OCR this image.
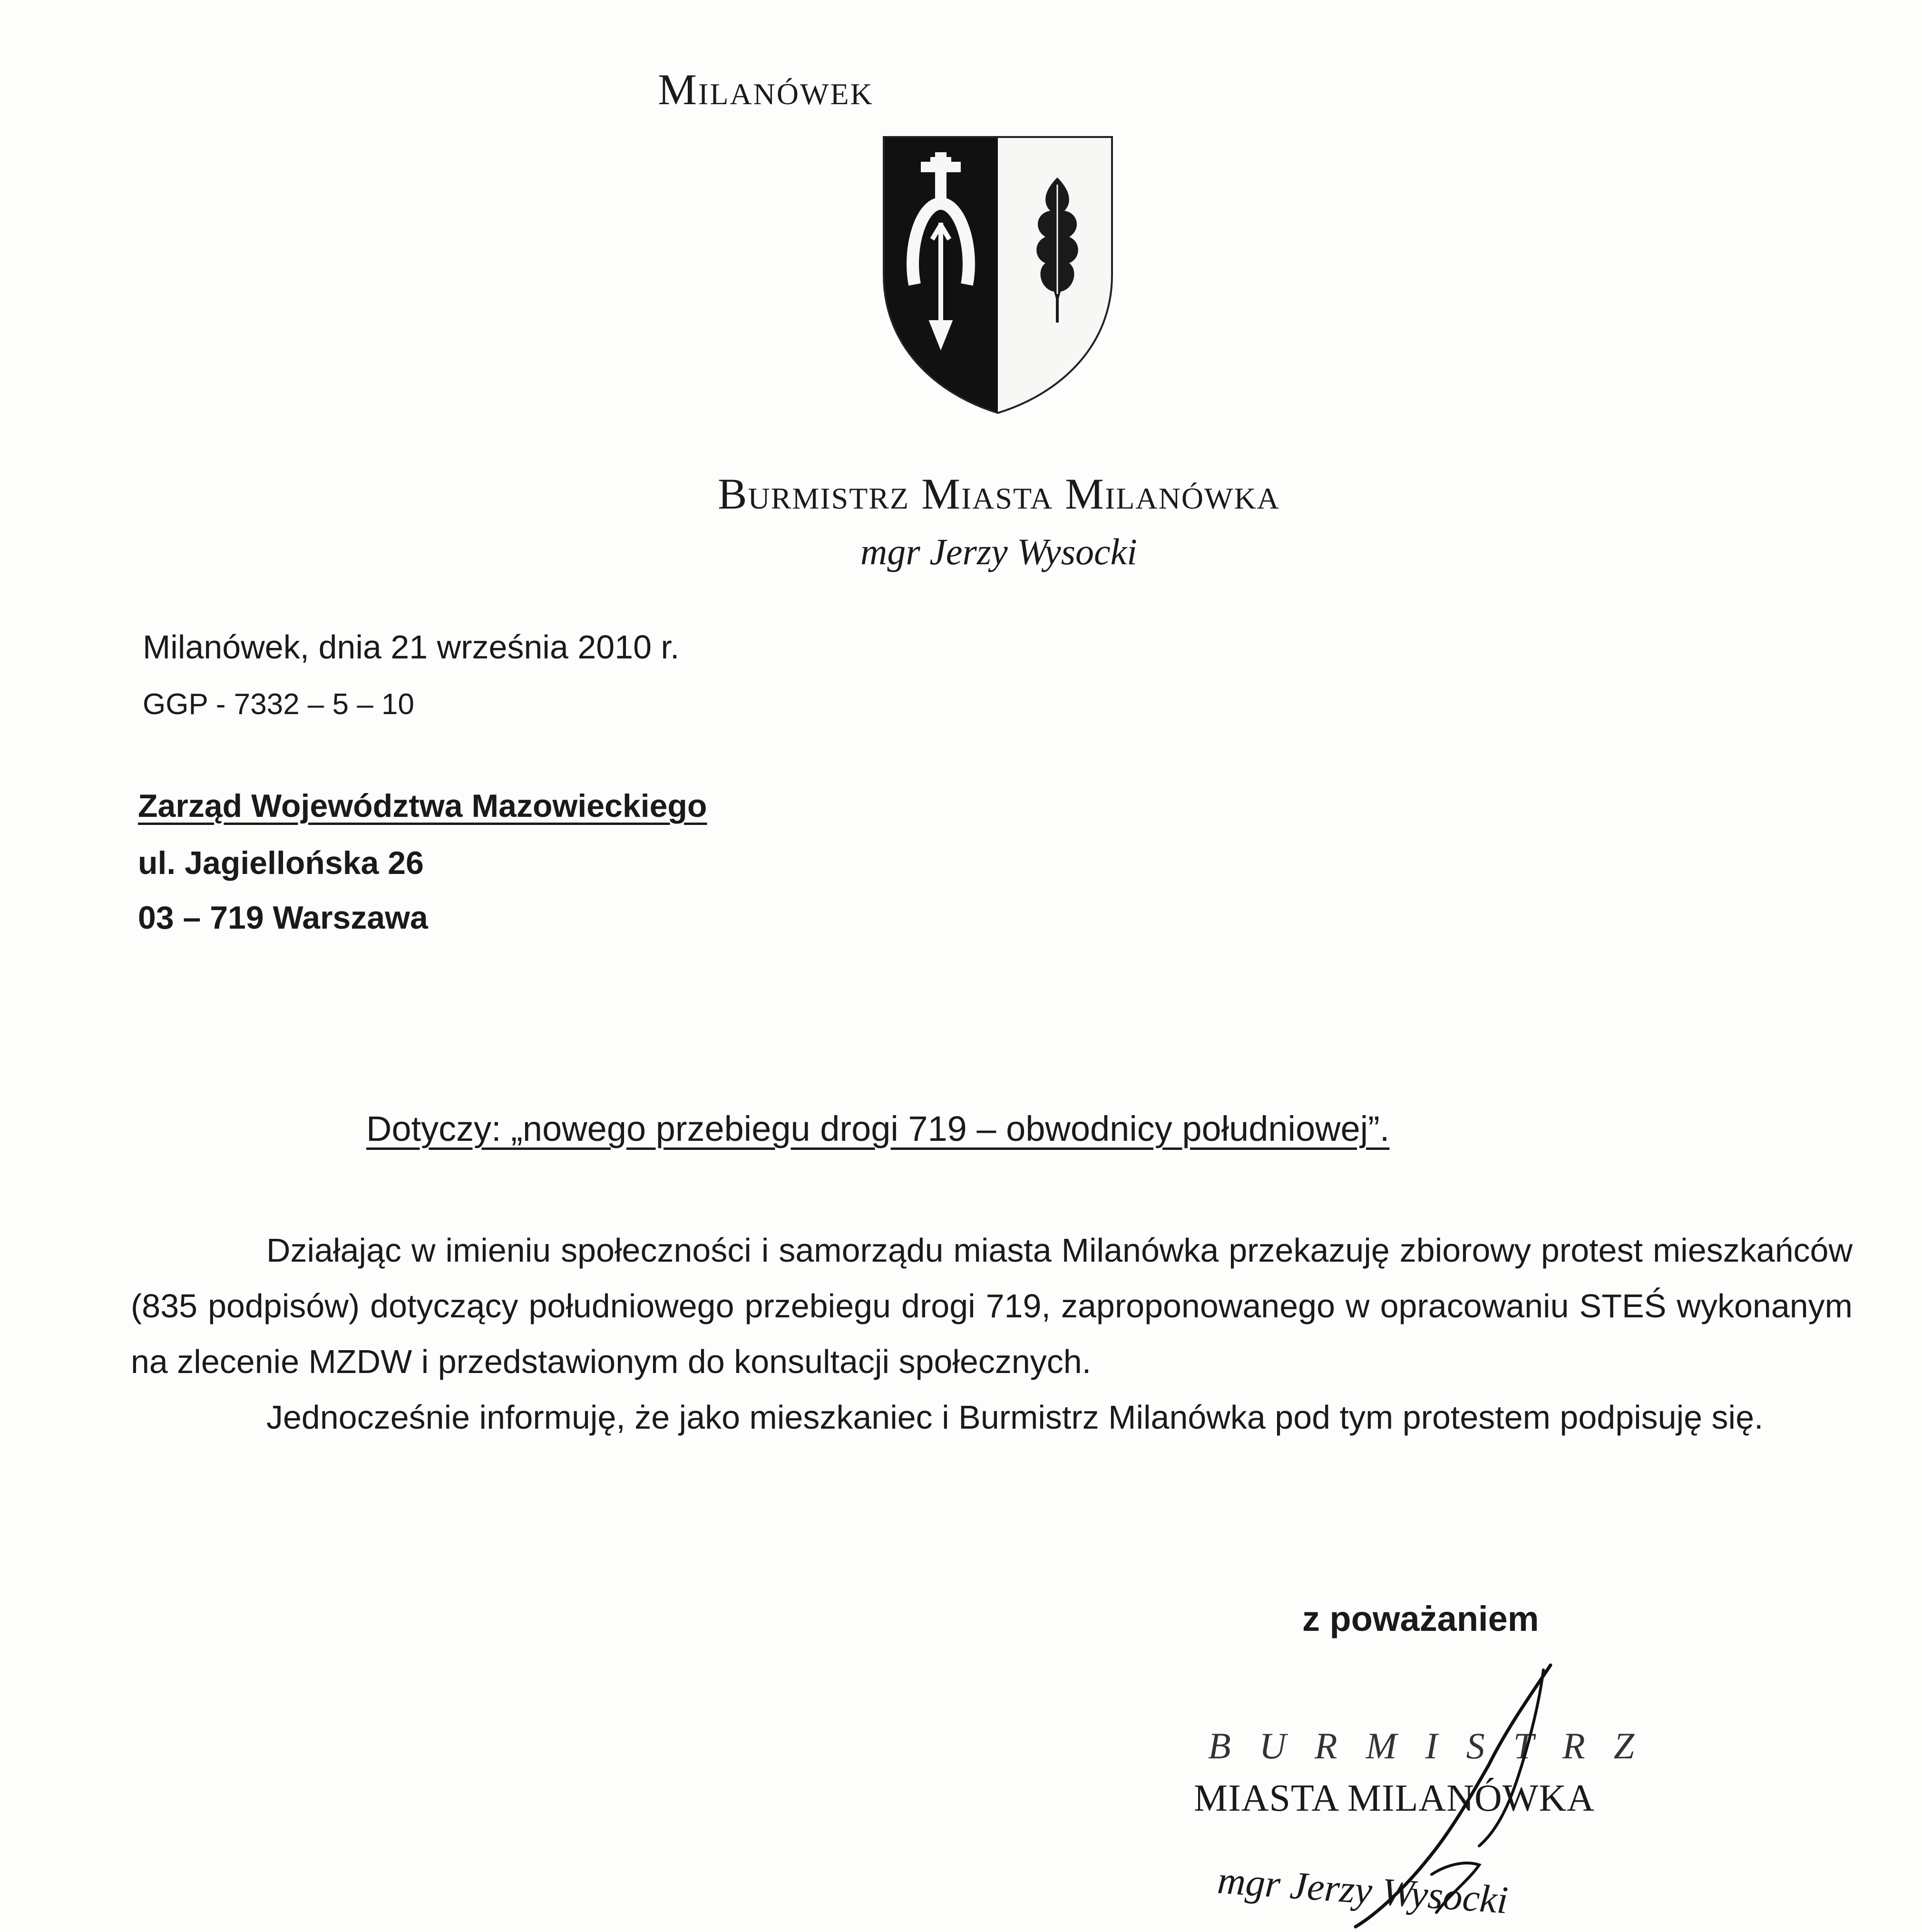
Milanówek
Burmistrz Miasta Milanówka
mgr Jerzy Wysocki
Milanówek, dnia 21 września 2010 r.
GGP - 7332 – 5 – 10
Zarząd Województwa Mazowieckiego
ul. Jagiellońska 26
03 – 719 Warszawa
Dotyczy: „nowego przebiegu drogi 719 – obwodnicy południowej”.

Działając w imieniu społeczności i samorządu miasta Milanówka przekazuję zbiorowy protest mieszkańców (835 podpisów) dotyczący południowego przebiegu drogi 719, zaproponowanego w opracowaniu STEŚ wykonanym na zlecenie MZDW i przedstawionym do konsultacji społecznych.

Jednocześnie informuję, że jako mieszkaniec i Burmistrz Milanówka pod tym protestem podpisuję się.

z poważaniem
BURMISTRZ
MIASTA MILANÓWKA
mgr Jerzy Wysocki
